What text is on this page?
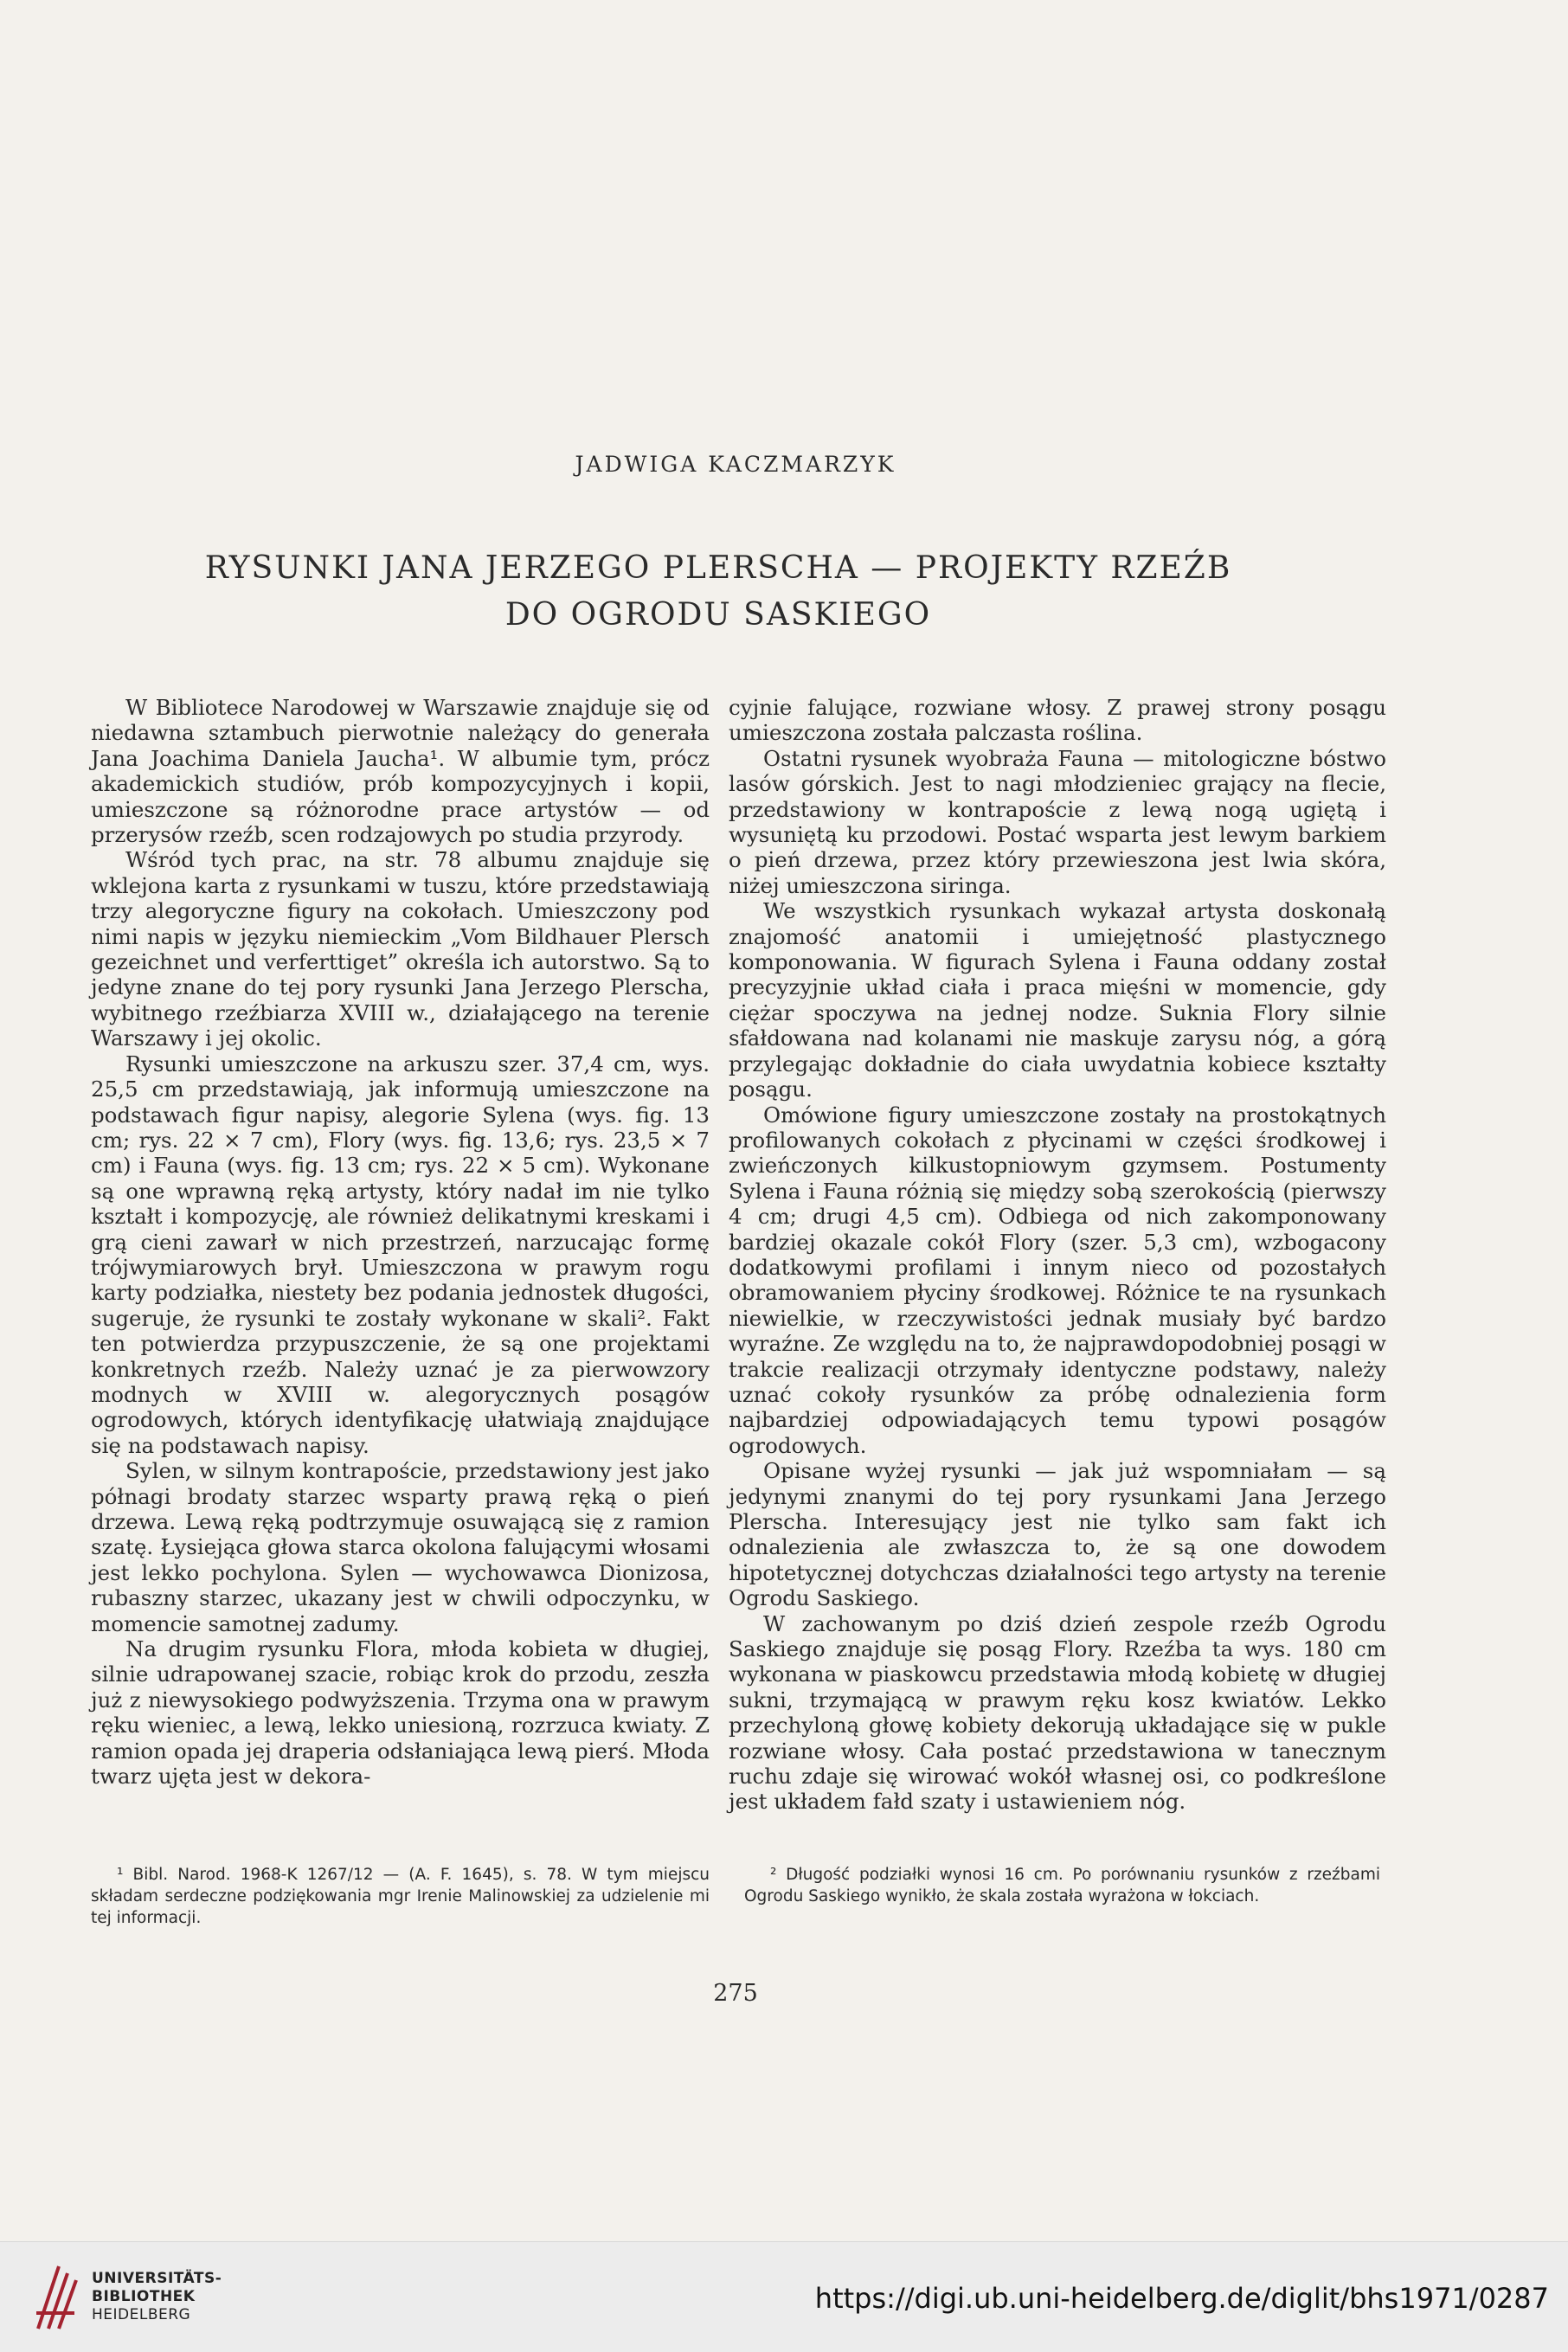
JADWIGA KACZMARZYK
RYSUNKI JANA JERZEGO PLERSCHA — PROJEKTY RZEŹB
DO OGRODU SASKIEGO

W Bibliotece Narodowej w Warszawie znajduje się od niedawna sztambuch pierwotnie należący do generała Jana Joachima Daniela Jaucha¹. W albumie tym, prócz akademickich studiów, prób kompozycyjnych i kopii, umieszczone są różnorodne prace artystów — od przerysów rzeźb, scen rodzajowych po studia przyrody.

Wśród tych prac, na str. 78 albumu znajduje się wklejona karta z rysunkami w tuszu, które przedstawiają trzy alegoryczne figury na cokołach. Umieszczony pod nimi napis w języku niemieckim „Vom Bildhauer Plersch gezeichnet und verferttiget” określa ich autorstwo. Są to jedyne znane do tej pory rysunki Jana Jerzego Plerscha, wybitnego rzeźbiarza XVIII w., działającego na terenie Warszawy i jej okolic.

Rysunki umieszczone na arkuszu szer. 37,4 cm, wys. 25,5 cm przedstawiają, jak informują umieszczone na podstawach figur napisy, alegorie Sylena (wys. fig. 13 cm; rys. 22 × 7 cm), Flory (wys. fig. 13,6; rys. 23,5 × 7 cm) i Fauna (wys. fig. 13 cm; rys. 22 × 5 cm). Wykonane są one wprawną ręką artysty, który nadał im nie tylko kształt i kompozycję, ale również delikatnymi kreskami i grą cieni zawarł w nich przestrzeń, narzucając formę trójwymiarowych brył. Umieszczona w prawym rogu karty podziałka, niestety bez podania jednostek długości, sugeruje, że rysunki te zostały wykonane w skali². Fakt ten potwierdza przypuszczenie, że są one projektami konkretnych rzeźb. Należy uznać je za pierwowzory modnych w XVIII w. alegorycznych posągów ogrodowych, których identyfikację ułatwiają znajdujące się na podstawach napisy.

Sylen, w silnym kontrapoście, przedstawiony jest jako półnagi brodaty starzec wsparty prawą ręką o pień drzewa. Lewą ręką podtrzymuje osuwającą się z ramion szatę. Łysiejąca głowa starca okolona falującymi włosami jest lekko pochylona. Sylen — wychowawca Dionizosa, rubaszny starzec, ukazany jest w chwili odpoczynku, w momencie samotnej zadumy.

Na drugim rysunku Flora, młoda kobieta w długiej, silnie udrapowanej szacie, robiąc krok do przodu, zeszła już z niewysokiego podwyższenia. Trzyma ona w prawym ręku wieniec, a lewą, lekko uniesioną, rozrzuca kwiaty. Z ramion opada jej draperia odsłaniająca lewą pierś. Młoda twarz ujęta jest w dekora-

cyjnie falujące, rozwiane włosy. Z prawej strony posągu umieszczona została palczasta roślina.

Ostatni rysunek wyobraża Fauna — mitologiczne bóstwo lasów górskich. Jest to nagi młodzieniec grający na flecie, przedstawiony w kontrapoście z lewą nogą ugiętą i wysuniętą ku przodowi. Postać wsparta jest lewym barkiem o pień drzewa, przez który przewieszona jest lwia skóra, niżej umieszczona siringa.

We wszystkich rysunkach wykazał artysta doskonałą znajomość anatomii i umiejętność plastycznego komponowania. W figurach Sylena i Fauna oddany został precyzyjnie układ ciała i praca mięśni w momencie, gdy ciężar spoczywa na jednej nodze. Suknia Flory silnie sfałdowana nad kolanami nie maskuje zarysu nóg, a górą przylegając dokładnie do ciała uwydatnia kobiece kształty posągu.

Omówione figury umieszczone zostały na prostokątnych profilowanych cokołach z płycinami w części środkowej i zwieńczonych kilkustopniowym gzymsem. Postumenty Sylena i Fauna różnią się między sobą szerokością (pierwszy 4 cm; drugi 4,5 cm). Odbiega od nich zakomponowany bardziej okazale cokół Flory (szer. 5,3 cm), wzbogacony dodatkowymi profilami i innym nieco od pozostałych obramowaniem płyciny środkowej. Różnice te na rysunkach niewielkie, w rzeczywistości jednak musiały być bardzo wyraźne. Ze względu na to, że najprawdopodobniej posągi w trakcie realizacji otrzymały identyczne podstawy, należy uznać cokoły rysunków za próbę odnalezienia form najbardziej odpowiadających temu typowi posągów ogrodowych.

Opisane wyżej rysunki — jak już wspomniałam — są jedynymi znanymi do tej pory rysunkami Jana Jerzego Plerscha. Interesujący jest nie tylko sam fakt ich odnalezienia ale zwłaszcza to, że są one dowodem hipotetycznej dotychczas działalności tego artysty na terenie Ogrodu Saskiego.

W zachowanym po dziś dzień zespole rzeźb Ogrodu Saskiego znajduje się posąg Flory. Rzeźba ta wys. 180 cm wykonana w piaskowcu przedstawia młodą kobietę w długiej sukni, trzymającą w prawym ręku kosz kwiatów. Lekko przechyloną głowę kobiety dekorują układające się w pukle rozwiane włosy. Cała postać przedstawiona w tanecznym ruchu zdaje się wirować wokół własnej osi, co podkreślone jest układem fałd szaty i ustawieniem nóg.

¹ Bibl. Narod. 1968-K 1267/12 — (A. F. 1645), s. 78. W tym miejscu składam serdeczne podziękowania mgr Irenie Malinowskiej za udzielenie mi tej informacji.

² Długość podziałki wynosi 16 cm. Po porównaniu rysunków z rzeźbami Ogrodu Saskiego wynikło, że skala została wyrażona w łokciach.

275
UNIVERSITÄTS-
BIBLIOTHEK
HEIDELBERG	https://digi.ub.uni-heidelberg.de/diglit/bhs1971/0287
